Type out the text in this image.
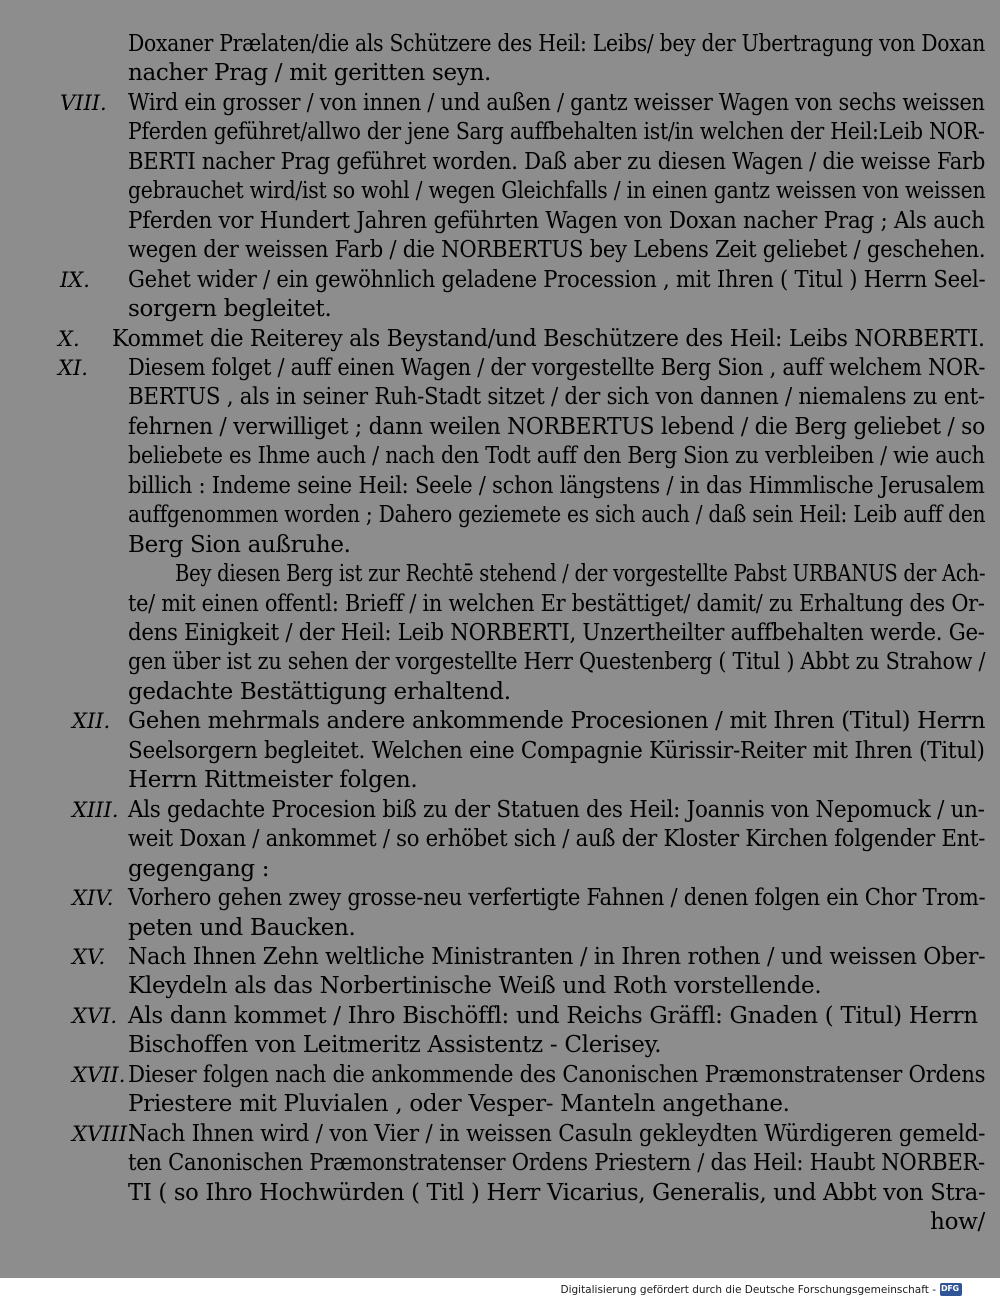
Doxaner Prælaten/die als Schützere des Heil: Leibs/ bey der Ubertragung von Doxan
nacher Prag / mit geritten seyn.
VIII. Wird ein grosser / von innen / und außen / gantz weisser Wagen von sechs weissen
Pferden geführet/allwo der jene Sarg auffbehalten ist/in welchen der Heil:Leib NOR-
BERTI nacher Prag geführet worden. Daß aber zu diesen Wagen / die weisse Farb
gebrauchet wird/ist so wohl / wegen Gleichfalls / in einen gantz weissen von weissen
Pferden vor Hundert Jahren geführten Wagen von Doxan nacher Prag ; Als auch
wegen der weissen Farb / die NORBERTUS bey Lebens Zeit geliebet / geschehen.
IX. Gehet wider / ein gewöhnlich geladene Procession , mit Ihren ( Titul ) Herrn Seel-
sorgern begleitet.
X. Kommet die Reiterey als Beystand/und Beschützere des Heil: Leibs NORBERTI.
XI. Diesem folget / auff einen Wagen / der vorgestellte Berg Sion , auff welchem NOR-
BERTUS , als in seiner Ruh-Stadt sitzet / der sich von dannen / niemalens zu ent-
fehrnen / verwilliget ; dann weilen NORBERTUS lebend / die Berg geliebet / so
beliebete es Ihme auch / nach den Todt auff den Berg Sion zu verbleiben / wie auch
billich : Indeme seine Heil: Seele / schon längstens / in das Himmlische Jerusalem
auffgenommen worden ; Dahero geziemete es sich auch / daß sein Heil: Leib auff den
Berg Sion außruhe.
Bey diesen Berg ist zur Rechtē stehend / der vorgestellte Pabst URBANUS der Ach-
te/ mit einen offentl: Brieff / in welchen Er bestättiget/ damit/ zu Erhaltung des Or-
dens Einigkeit / der Heil: Leib NORBERTI, Unzertheilter auffbehalten werde. Ge-
gen über ist zu sehen der vorgestellte Herr Questenberg ( Titul ) Abbt zu Strahow /
gedachte Bestättigung erhaltend.
XII. Gehen mehrmals andere ankommende Procesionen / mit Ihren (Titul) Herrn
Seelsorgern begleitet. Welchen eine Compagnie Kürissir-Reiter mit Ihren (Titul)
Herrn Rittmeister folgen.
XIII. Als gedachte Procesion biß zu der Statuen des Heil: Joannis von Nepomuck / un-
weit Doxan / ankommet / so erhöbet sich / auß der Kloster Kirchen folgender Ent-
gegengang :
XIV. Vorhero gehen zwey grosse-neu verfertigte Fahnen / denen folgen ein Chor Trom-
peten und Baucken.
XV. Nach Ihnen Zehn weltliche Ministranten / in Ihren rothen / und weissen Ober-
Kleydeln als das Norbertinische Weiß und Roth vorstellende.
XVI. Als dann kommet / Ihro Bischöffl: und Reichs Gräffl: Gnaden ( Titul) Herrn
Bischoffen von Leitmeritz Assistentz - Clerisey.
XVII. Dieser folgen nach die ankommende des Canonischen Præmonstratenser Ordens
Priestere mit Pluvialen , oder Vesper- Manteln angethane.
XVIII.
Nach Ihnen wird / von Vier / in weissen Casuln gekleydten Würdigeren gemeld-
ten Canonischen Præmonstratenser Ordens Priestern / das Heil: Haubt NORBER-
TI ( so Ihro Hochwürden ( Titl ) Herr Vicarius, Generalis, und Abbt von Stra-
how/
Digitalisierung gefördert durch die Deutsche Forschungsgemeinschaft -
DFG
